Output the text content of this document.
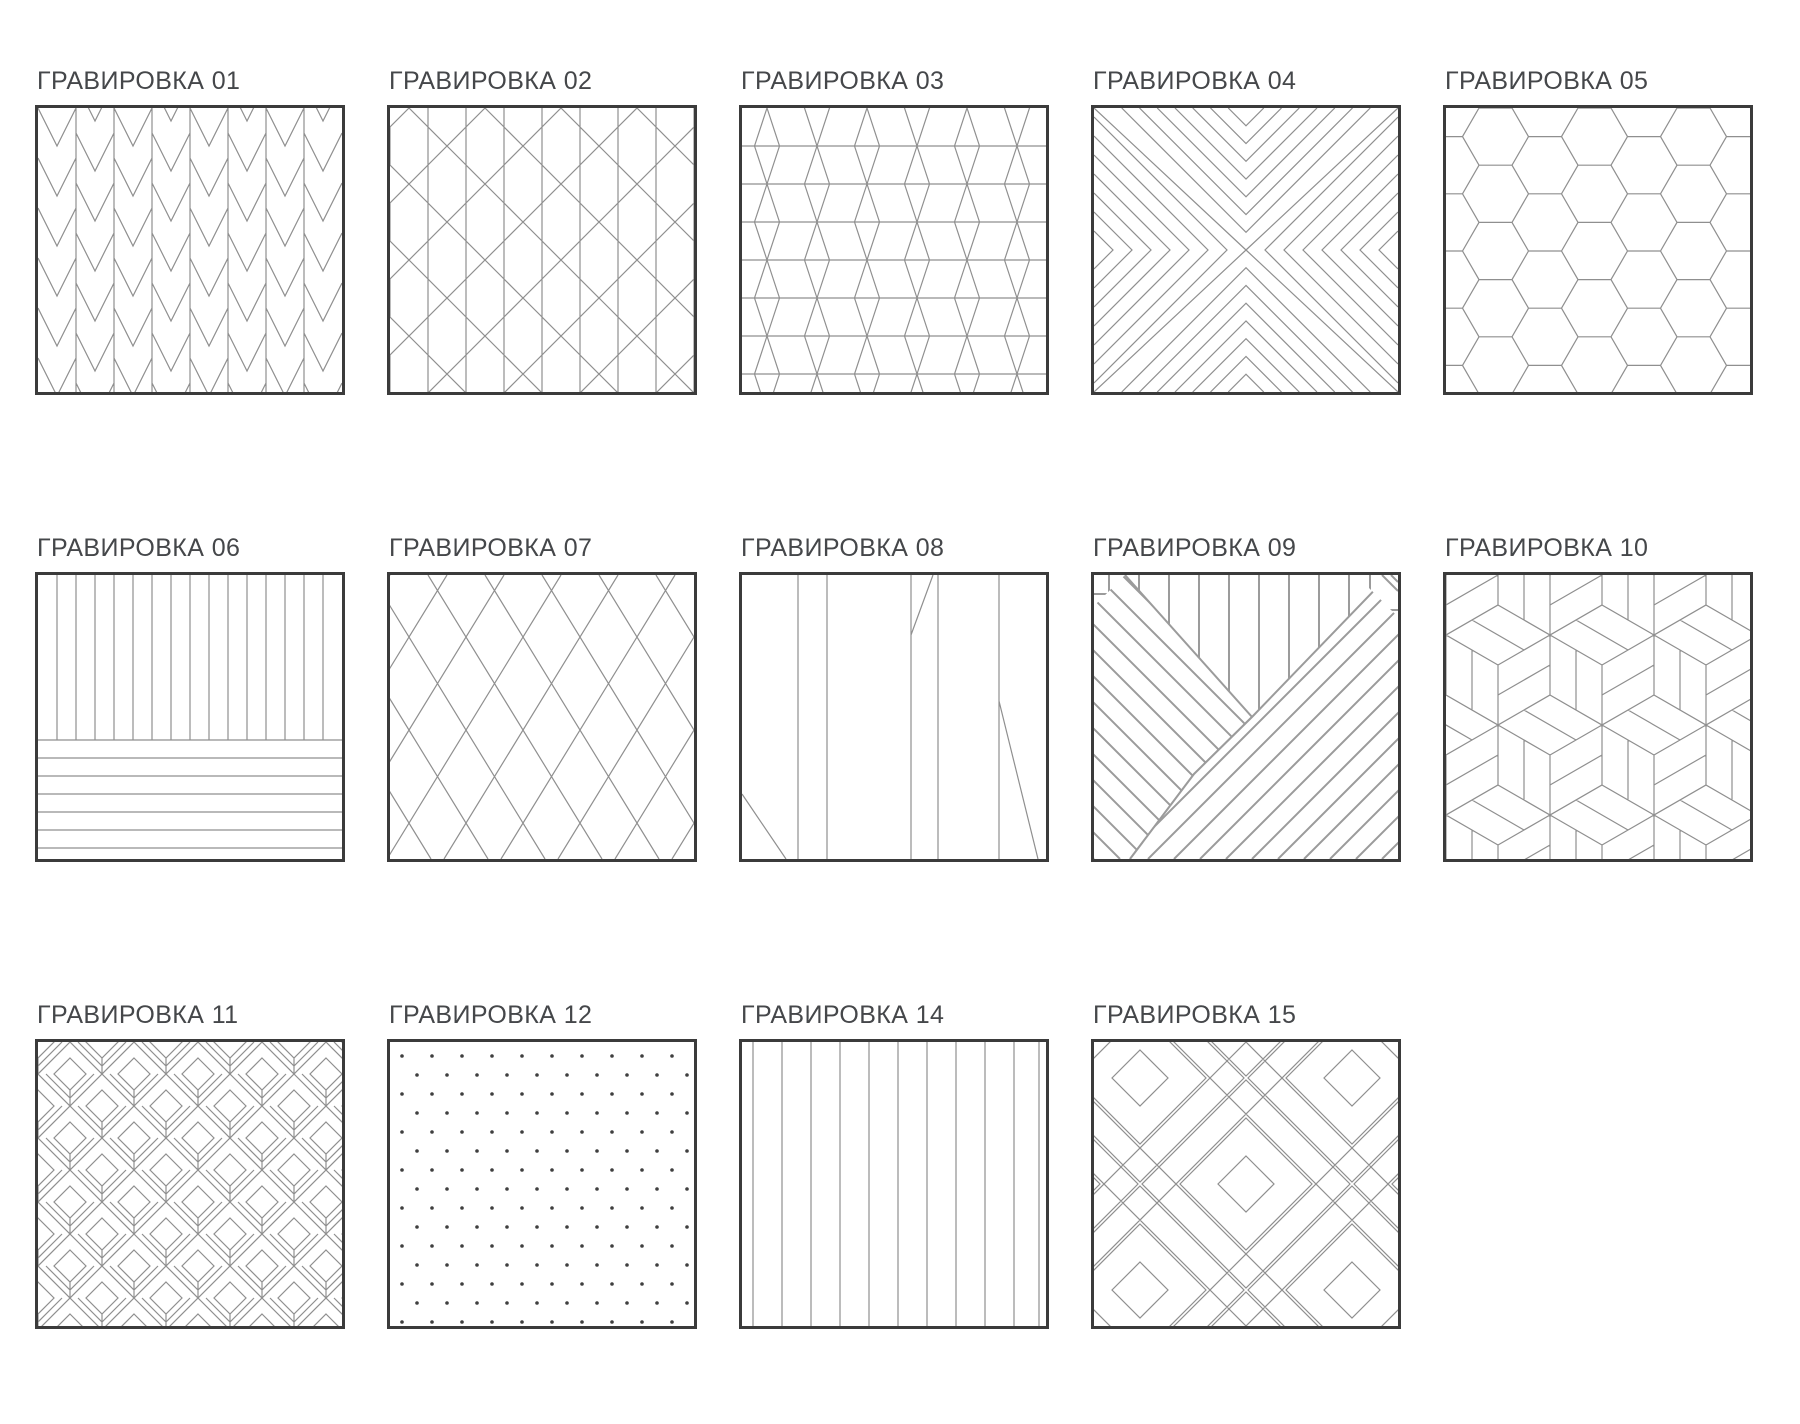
ГРАВИРОВКА 01	ГРАВИРОВКА 02	ГРАВИРОВКА 03	ГРАВИРОВКА 04	ГРАВИРОВКА 05
ГРАВИРОВКА 06	ГРАВИРОВКА 07	ГРАВИРОВКА 08	ГРАВИРОВКА 09	ГРАВИРОВКА 10
ГРАВИРОВКА 11	ГРАВИРОВКА 12	ГРАВИРОВКА 14	ГРАВИРОВКА 15
